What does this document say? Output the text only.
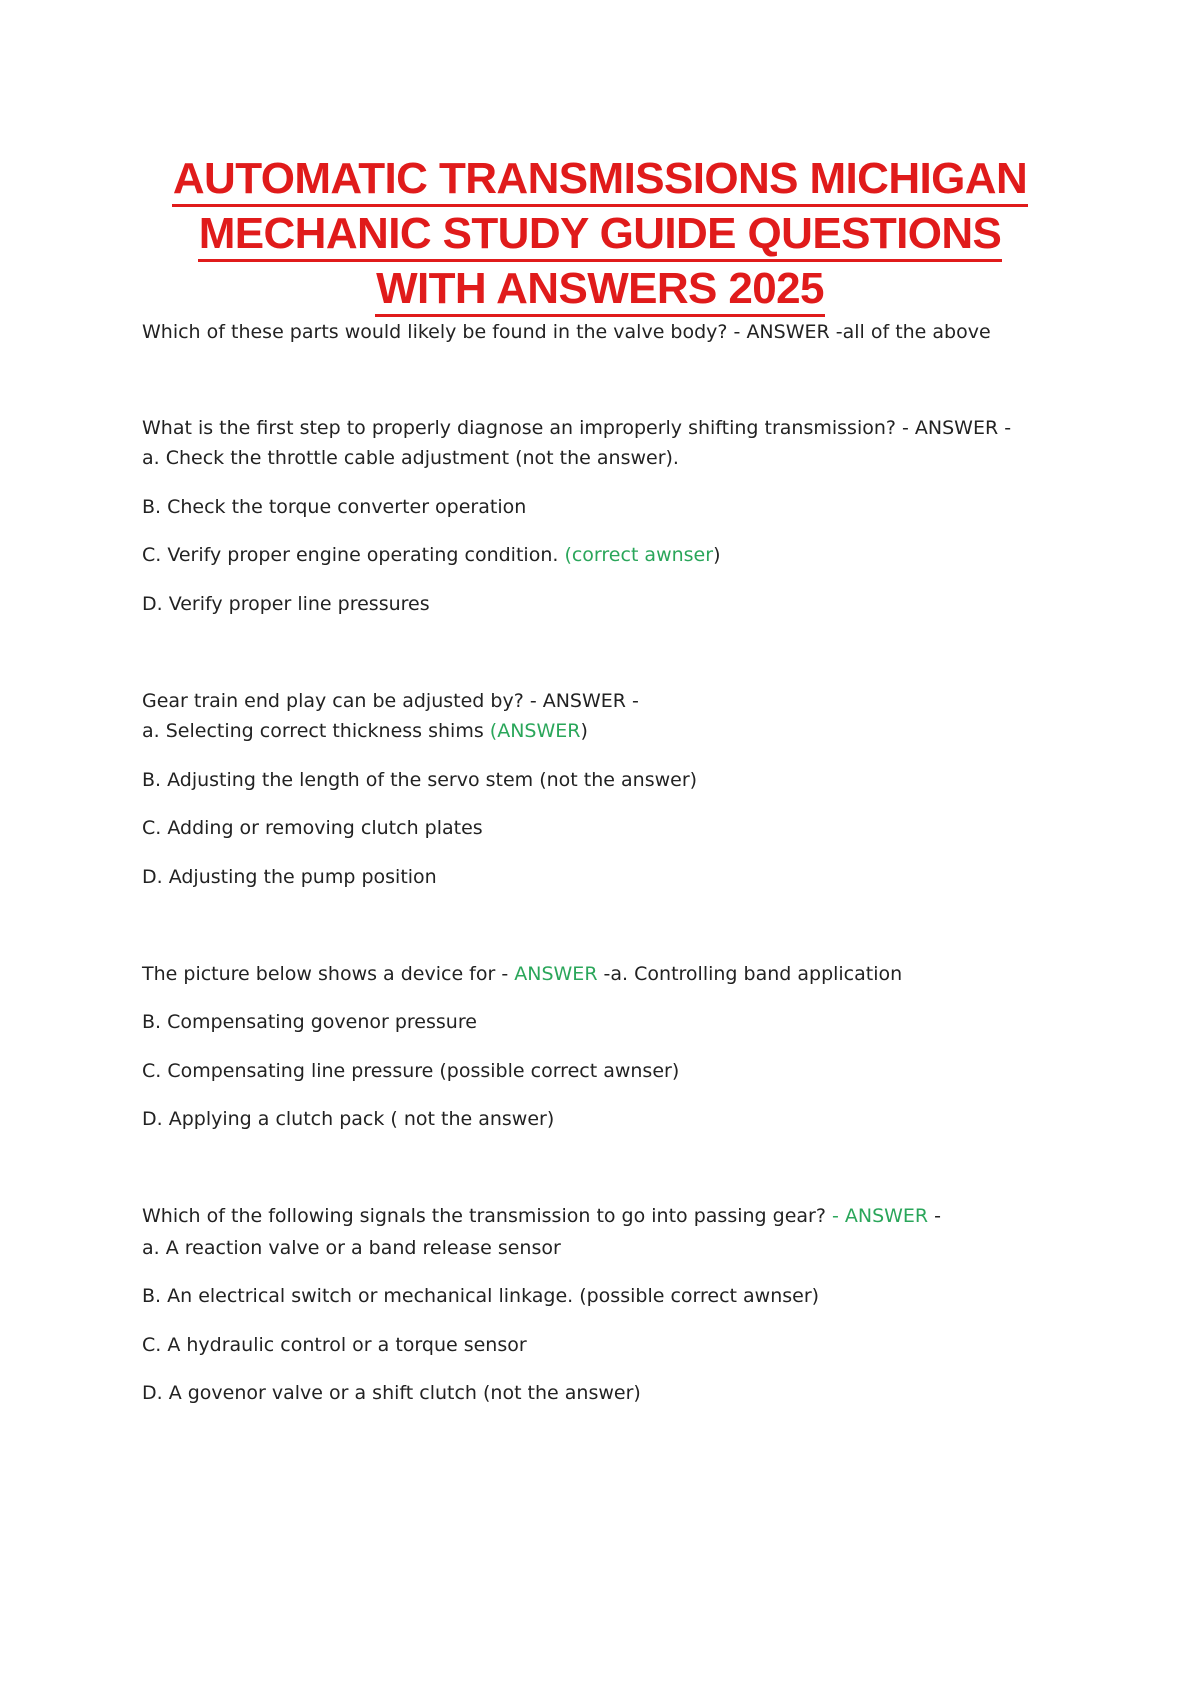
AUTOMATIC TRANSMISSIONS MICHIGAN
MECHANIC STUDY GUIDE QUESTIONS
WITH ANSWERS 2025

Which of these parts would likely be found in the valve body? - ANSWER -all of the above

What is the first step to properly diagnose an improperly shifting transmission? - ANSWER -

a. Check the throttle cable adjustment (not the answer).

B. Check the torque converter operation

C. Verify proper engine operating condition. (correct awnser)

D. Verify proper line pressures

Gear train end play can be adjusted by? - ANSWER -

a. Selecting correct thickness shims (ANSWER)

B. Adjusting the length of the servo stem (not the answer)

C. Adding or removing clutch plates

D. Adjusting the pump position

The picture below shows a device for - ANSWER -a. Controlling band application

B. Compensating govenor pressure

C. Compensating line pressure (possible correct awnser)

D. Applying a clutch pack ( not the answer)

Which of the following signals the transmission to go into passing gear? - ANSWER -

a. A reaction valve or a band release sensor

B. An electrical switch or mechanical linkage. (possible correct awnser)

C. A hydraulic control or a torque sensor

D. A govenor valve or a shift clutch (not the answer)
